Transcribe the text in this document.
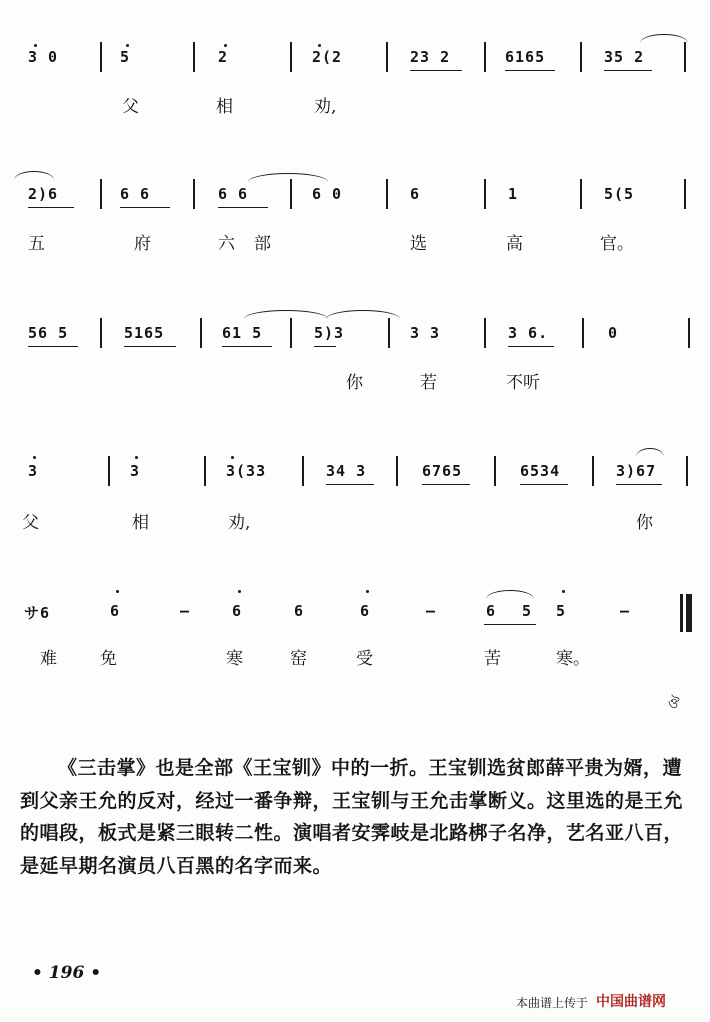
3 0	5	2	2(2	23 2	6165	35 2
父	相	劝,
2)6	6 6	6 6	6 0	6	1	5(5
五	府	六 部	选	高	官。
56 5	5165	61 5	5)3	3 3	3 6.	0
你	若	不听
3	3	3(33	34 3	6765	6534	3)67
父	相	劝,	你
サ6	6	–	6	6	6	–	6 5 5	–
难	免	寒	窑	受	苦	寒。
ঔ
《三击掌》也是全部《王宝钏》中的一折。王宝钏选贫郎薛平贵为婿，遭到父亲王允的反对，经过一番争辩，王宝钏与王允击掌断义。这里选的是王允的唱段，板式是紧三眼转二性。演唱者安霁岐是北路梆子名净，艺名亚八百，是延早期名演员八百黑的名字而来。
• 196 •
本曲谱上传于 中国曲谱网
